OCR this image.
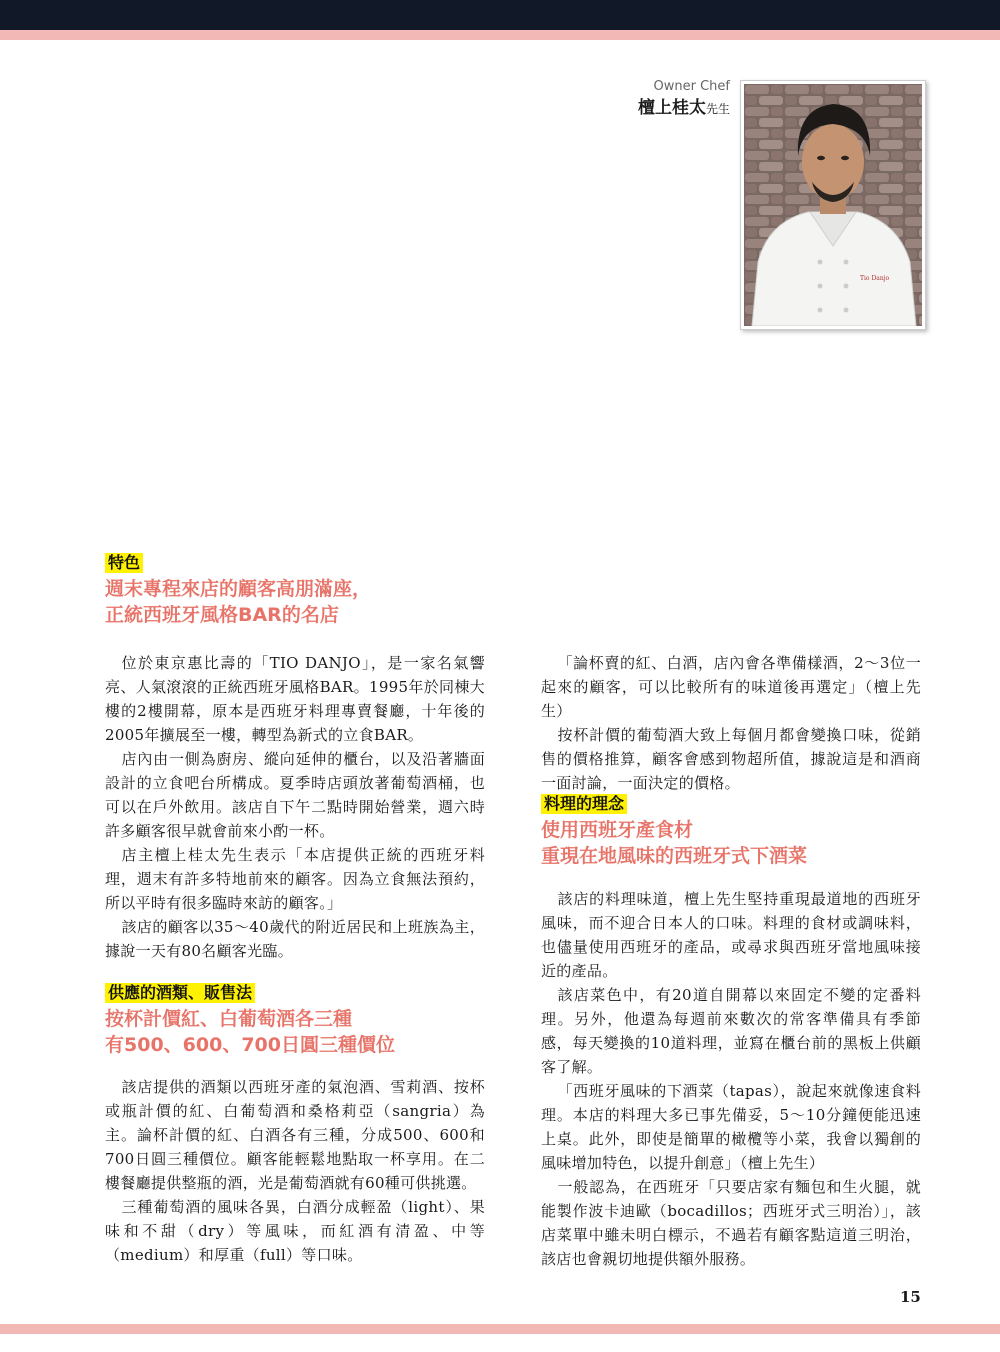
Owner Chef
檀上桂太先生
Tio Danjo
特色
週末專程來店的顧客高朋滿座，
正統西班牙風格BAR的名店

位於東京惠比壽的「TIO DANJO」，是一家名氣響亮、人氣滾滾的正統西班牙風格BAR。1995年於同棟大樓的2樓開幕，原本是西班牙料理專賣餐廳，十年後的2005年擴展至一樓，轉型為新式的立食BAR。

店內由一側為廚房、縱向延伸的櫃台，以及沿著牆面設計的立食吧台所構成。夏季時店頭放著葡萄酒桶，也可以在戶外飲用。該店自下午二點時開始營業，週六時許多顧客很早就會前來小酌一杯。

店主檀上桂太先生表示「本店提供正統的西班牙料理，週末有許多特地前來的顧客。因為立食無法預約，所以平時有很多臨時來訪的顧客。」

該店的顧客以35～40歲代的附近居民和上班族為主，據說一天有80名顧客光臨。

供應的酒類、販售法
按杯計價紅、白葡萄酒各三種
有500、600、700日圓三種價位

該店提供的酒類以西班牙產的氣泡酒、雪莉酒、按杯或瓶計價的紅、白葡萄酒和桑格莉亞（sangria）為主。論杯計價的紅、白酒各有三種，分成500、600和700日圓三種價位。顧客能輕鬆地點取一杯享用。在二樓餐廳提供整瓶的酒，光是葡萄酒就有60種可供挑選。

三種葡萄酒的風味各異，白酒分成輕盈（light）、果味和不甜（dry）等風味，而紅酒有清盈、中等（medium）和厚重（full）等口味。

「論杯賣的紅、白酒，店內會各準備樣酒，2～3位一起來的顧客，可以比較所有的味道後再選定」（檀上先生）

按杯計價的葡萄酒大致上每個月都會變換口味，從銷售的價格推算，顧客會感到物超所值，據說這是和酒商一面討論，一面決定的價格。

料理的理念
使用西班牙產食材
重現在地風味的西班牙式下酒菜

該店的料理味道，檀上先生堅持重現最道地的西班牙風味，而不迎合日本人的口味。料理的食材或調味料，也儘量使用西班牙的產品，或尋求與西班牙當地風味接近的產品。

該店菜色中，有20道自開幕以來固定不變的定番料理。另外，他還為每週前來數次的常客準備具有季節感，每天變換的10道料理，並寫在櫃台前的黑板上供顧客了解。

「西班牙風味的下酒菜（tapas），說起來就像速食料理。本店的料理大多已事先備妥，5～10分鐘便能迅速上桌。此外，即使是簡單的橄欖等小菜，我會以獨創的風味增加特色，以提升創意」（檀上先生）

一般認為，在西班牙「只要店家有麵包和生火腿，就能製作波卡迪歐（bocadillos；西班牙式三明治）」，該店菜單中雖未明白標示，不過若有顧客點這道三明治，該店也會親切地提供額外服務。

15
